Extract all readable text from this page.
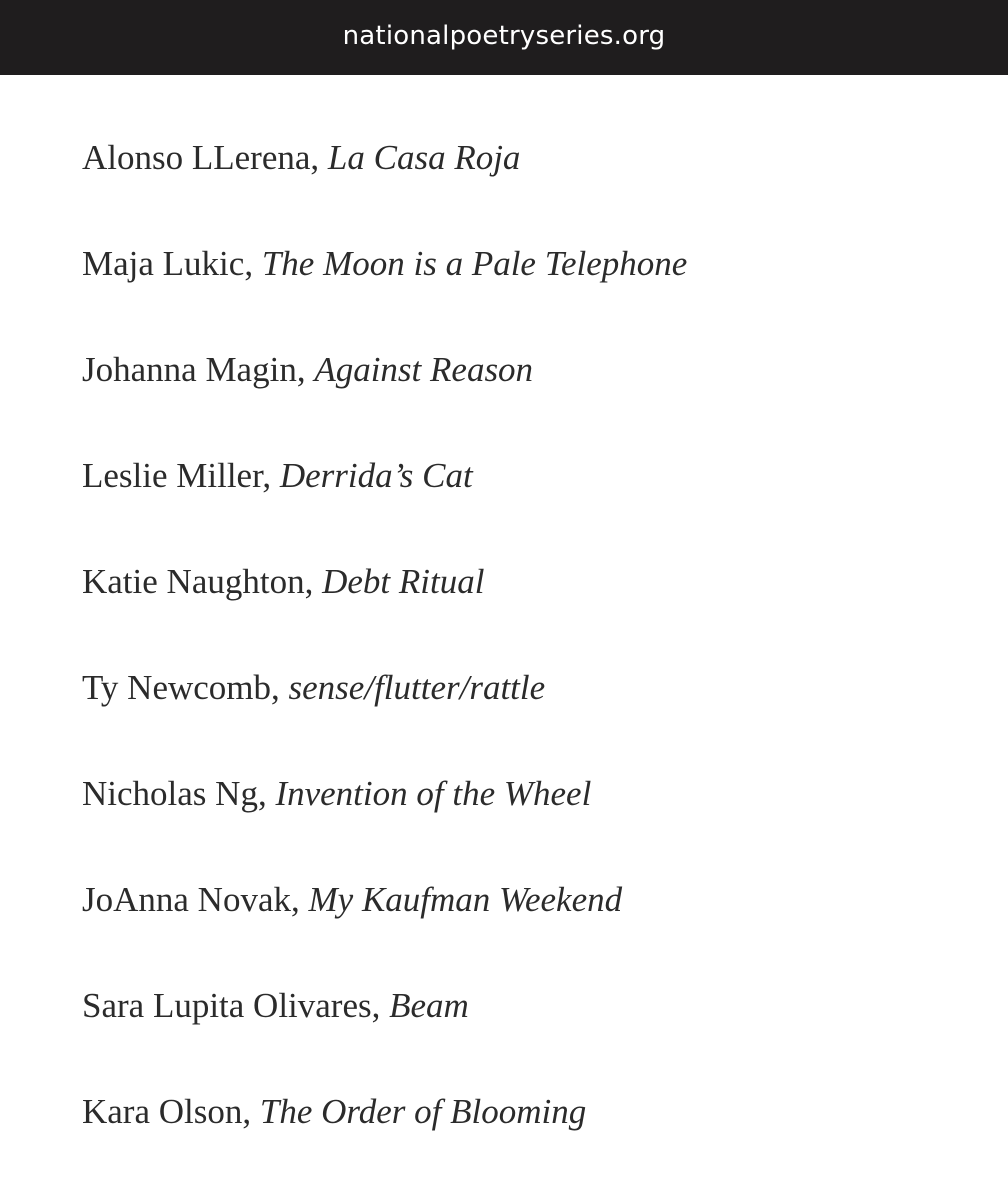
nationalpoetryseries.org
Alonso LLerena, La Casa Roja
Maja Lukic, The Moon is a Pale Telephone
Johanna Magin, Against Reason
Leslie Miller, Derrida’s Cat
Katie Naughton, Debt Ritual
Ty Newcomb, sense/flutter/rattle
Nicholas Ng, Invention of the Wheel
JoAnna Novak, My Kaufman Weekend
Sara Lupita Olivares, Beam
Kara Olson, The Order of Blooming
